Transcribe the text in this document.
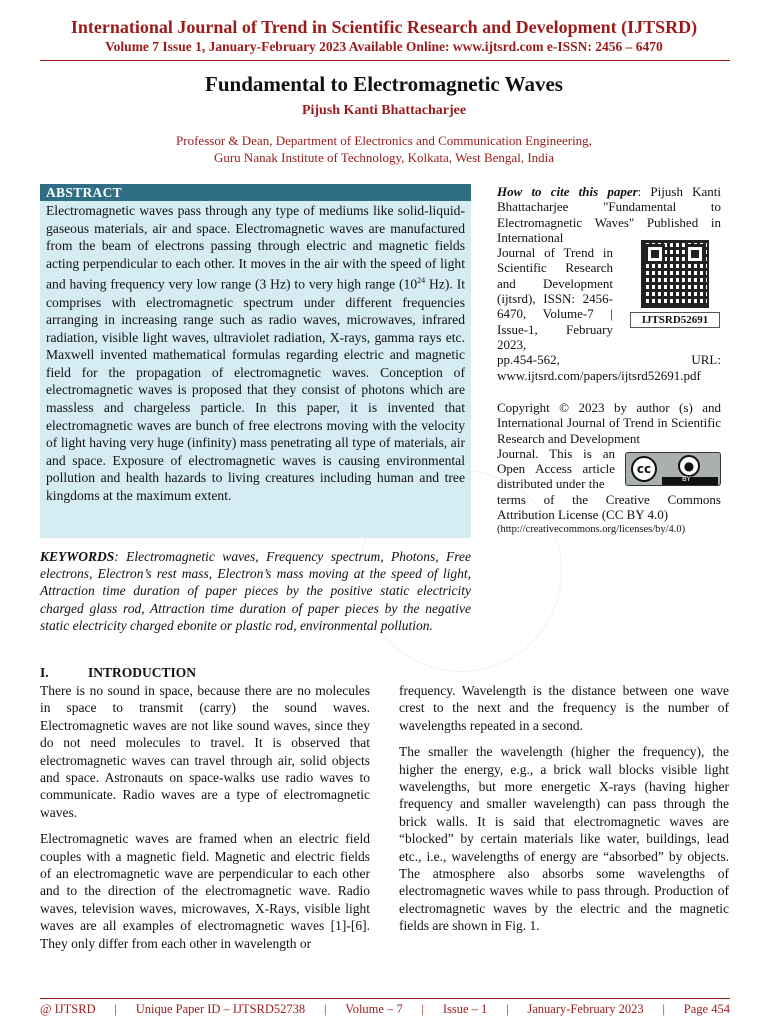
International Journal of Trend in Scientific Research and Development (IJTSRD)
Volume 7 Issue 1, January-February 2023 Available Online: www.ijtsrd.com e-ISSN: 2456 – 6470
Fundamental to Electromagnetic Waves
Pijush Kanti Bhattacharjee
Professor & Dean, Department of Electronics and Communication Engineering,
Guru Nanak Institute of Technology, Kolkata, West Bengal, India
ABSTRACT
Electromagnetic waves pass through any type of mediums like solid-liquid-gaseous materials, air and space. Electromagnetic waves are manufactured from the beam of electrons passing through electric and magnetic fields acting perpendicular to each other. It moves in the air with the speed of light and having frequency very low range (3 Hz) to very high range ($10^{24}$ Hz). It comprises with electromagnetic spectrum under different frequencies arranging in increasing range such as radio waves, microwaves, infrared radiation, visible light waves, ultraviolet radiation, X-rays, gamma rays etc. Maxwell invented mathematical formulas regarding electric and magnetic field for the propagation of electromagnetic waves. Conception of electromagnetic waves is proposed that they consist of photons which are massless and chargeless particle. In this paper, it is invented that electromagnetic waves are bunch of free electrons moving with the velocity of light having very huge (infinity) mass penetrating all type of materials, air and space. Exposure of electromagnetic waves is causing environmental pollution and health hazards to living creatures including human and tree kingdoms at the maximum extent.
How to cite this paper: Pijush Kanti Bhattacharjee "Fundamental to Electromagnetic Waves" Published in International
Journal of Trend in Scientific Research and Development (ijtsrd), ISSN: 2456-6470, Volume-7 | Issue-1, February 2023,
pp.454-562,	URL:
www.ijtsrd.com/papers/ijtsrd52691.pdf
IJTSRD52691
Copyright © 2023 by author (s) and International Journal of Trend in Scientific Research and Development
Journal. This is an Open Access article distributed under the
terms of the Creative Commons Attribution License (CC BY 4.0)
cc	●
BY
(http://creativecommons.org/licenses/by/4.0)
KEYWORDS: Electromagnetic waves, Frequency spectrum, Photons, Free electrons, Electron’s rest mass, Electron’s mass moving at the speed of light, Attraction time duration of paper pieces by the positive static electricity charged glass rod, Attraction time duration of paper pieces by the negative static electricity charged ebonite or plastic rod, environmental pollution.
I.	INTRODUCTION

There is no sound in space, because there are no molecules in space to transmit (carry) the sound waves. Electromagnetic waves are not like sound waves, since they do not need molecules to travel. It is observed that electromagnetic waves can travel through air, solid objects and space. Astronauts on space-walks use radio waves to communicate. Radio waves are a type of electromagnetic waves.

Electromagnetic waves are framed when an electric field couples with a magnetic field. Magnetic and electric fields of an electromagnetic wave are perpendicular to each other and to the direction of the electromagnetic wave. Radio waves, television waves, microwaves, X-Rays, visible light waves are all examples of electromagnetic waves [1]-[6]. They only differ from each other in wavelength or

frequency. Wavelength is the distance between one wave crest to the next and the frequency is the number of wavelengths repeated in a second.

The smaller the wavelength (higher the frequency), the higher the energy, e.g., a brick wall blocks visible light wavelengths, but more energetic X-rays (having higher frequency and smaller wavelength) can pass through the brick walls. It is said that electromagnetic waves are “blocked” by certain materials like water, buildings, lead etc., i.e., wavelengths of energy are “absorbed” by objects. The atmosphere also absorbs some wavelengths of electromagnetic waves while to pass through. Production of electromagnetic waves by the electric and the magnetic fields are shown in Fig. 1.

@ IJTSRD | Unique Paper ID – IJTSRD52738 | Volume – 7 | Issue – 1 | January-February 2023 | Page 454
